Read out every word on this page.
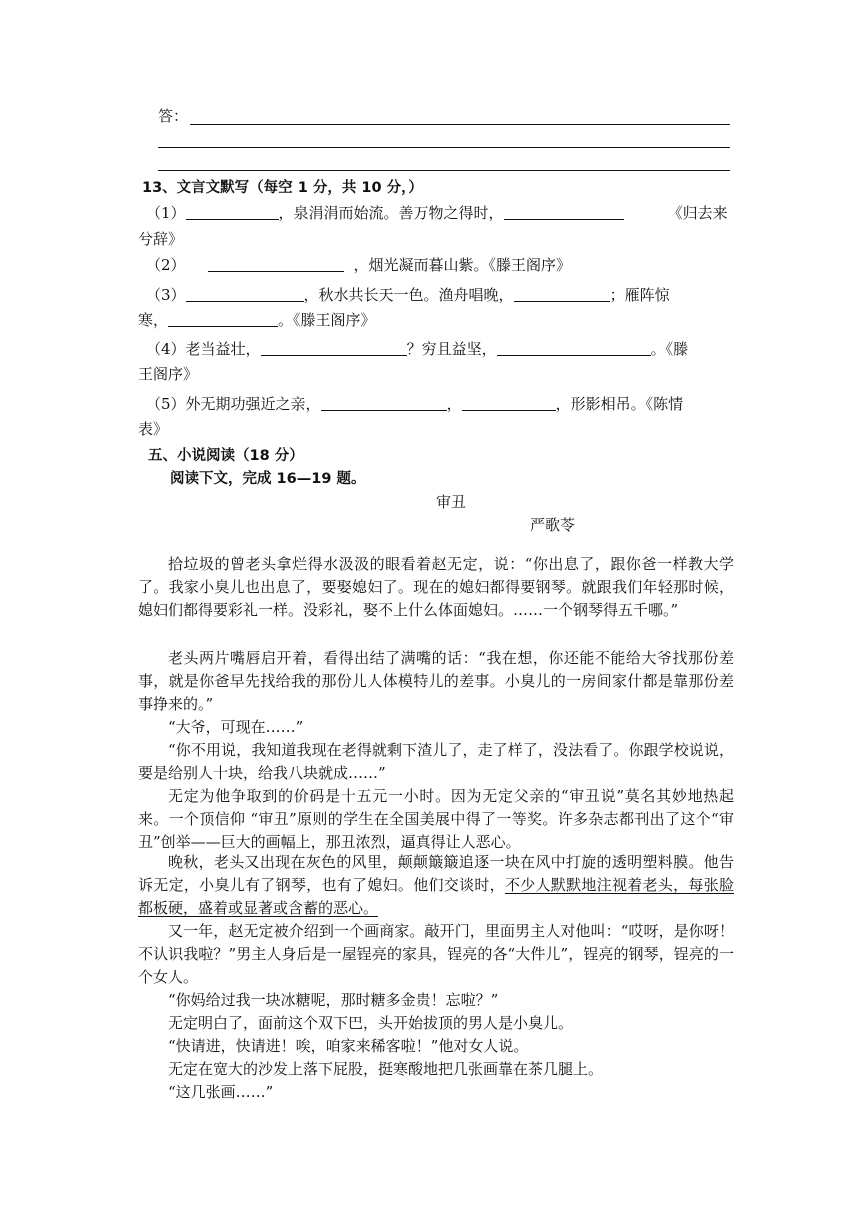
答：
13、文言文默写（每空 1 分，共 10 分，）
（1）	，泉涓涓而始流。善万物之得时，	《归去来
兮辞》
（2）	，烟光凝而暮山紫。《滕王阁序》
（3）	，秋水共长天一色。渔舟唱晚，	；雁阵惊
寒，	。《滕王阁序》
（4）老当益壮，	？穷且益坚，	。《滕
王阁序》
（5）外无期功强近之亲，	，	，形影相吊。《陈情
表》
五、小说阅读（18 分）
阅读下文，完成 16—19 题。
审丑
严歌苓
拾垃圾的曾老头拿烂得水汲汲的眼看着赵无定，说：“你出息了，跟你爸一样教大学了。我家小臭儿也出息了，要娶媳妇了。现在的媳妇都得要钢琴。就跟我们年轻那时候，媳妇们都得要彩礼一样。没彩礼，娶不上什么体面媳妇。……一个钢琴得五千哪。”
老头两片嘴唇启开着，看得出结了满嘴的话：“我在想，你还能不能给大爷找那份差事，就是你爸早先找给我的那份儿人体模特儿的差事。小臭儿的一房间家什都是靠那份差事挣来的。”
“大爷，可现在……”
“你不用说，我知道我现在老得就剩下渣儿了，走了样了，没法看了。你跟学校说说，要是给别人十块，给我八块就成……”
无定为他争取到的价码是十五元一小时。因为无定父亲的“审丑说”莫名其妙地热起来。一个顶信仰 “审丑”原则的学生在全国美展中得了一等奖。许多杂志都刊出了这个“审丑”创举——巨大的画幅上，那丑浓烈，逼真得让人恶心。
晚秋，老头又出现在灰色的风里，颠颠簸簸追逐一块在风中打旋的透明塑料膜。他告诉无定，小臭儿有了钢琴，也有了媳妇。他们交谈时，不少人默默地注视着老头，每张脸都板硬，盛着或显著或含蓄的恶心。
又一年，赵无定被介绍到一个画商家。敲开门，里面男主人对他叫：“哎呀，是你呀！不认识我啦？”男主人身后是一屋锃亮的家具，锃亮的各“大件儿”，锃亮的钢琴，锃亮的一个女人。
“你妈给过我一块冰糖呢，那时糖多金贵！忘啦？”
无定明白了，面前这个双下巴，头开始拔顶的男人是小臭儿。
“快请进，快请进！唉，咱家来稀客啦！”他对女人说。
无定在宽大的沙发上落下屁股，挺寒酸地把几张画靠在茶几腿上。
“这几张画……”
